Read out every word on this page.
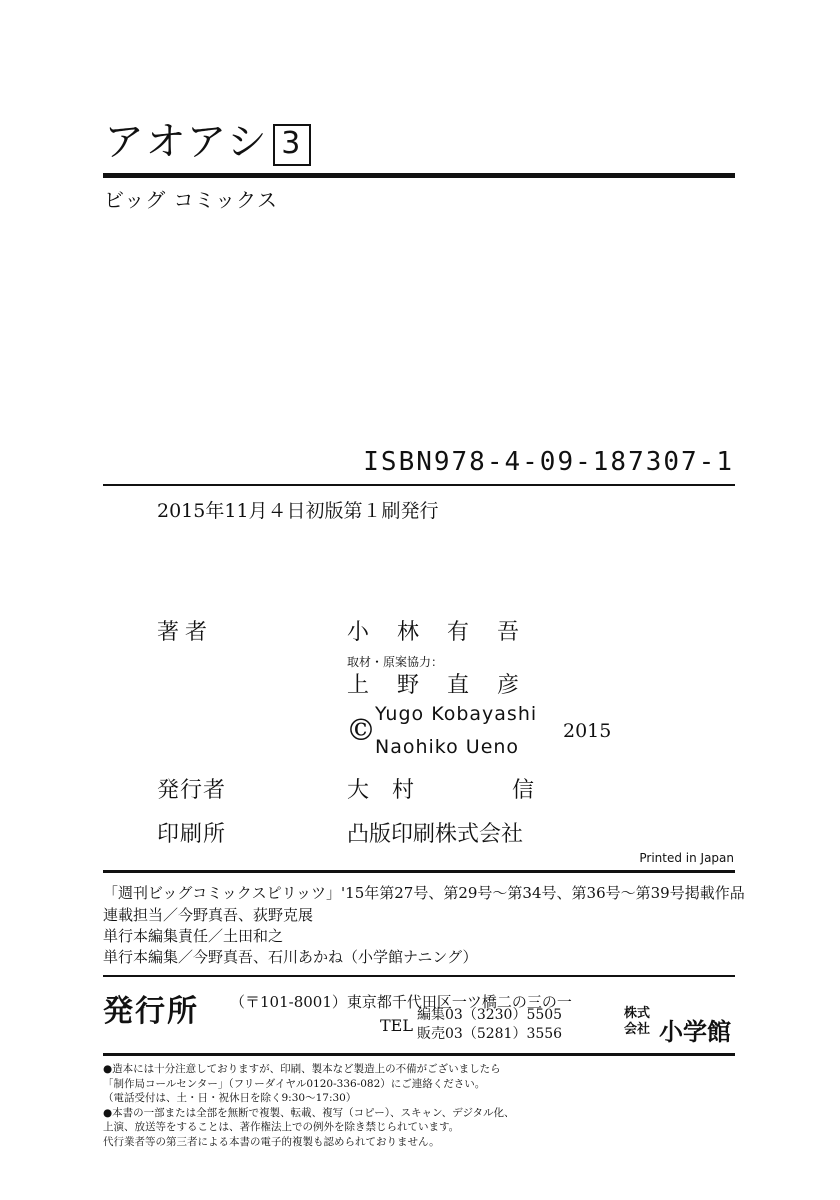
アオアシ 3
ビッグ コミックス
ISBN978-4-09-187307-1
2015年11月４日初版第１刷発行
著者	小林有吾
取材・原案協力：
上野直彦
© Yugo Kobayashi
Naohiko Ueno
2015
発行者	大 村　　　信
印刷所	凸版印刷株式会社
Printed in Japan
「週刊ビッグコミックスピリッツ」'15年第27号、第29号～第34号、第36号～第39号掲載作品
連載担当／今野真吾、荻野克展
単行本編集責任／土田和之
単行本編集／今野真吾、石川あかね（小学館ナニング）
発行所 （〒101-8001）東京都千代田区一ツ橋二の三の一
TEL
編集03（3230）5505
販売03（5281）3556
株式
会社 小学館
●造本には十分注意しておりますが、印刷、製本など製造上の不備がございましたら
「制作局コールセンター」（フリーダイヤル0120-336-082）にご連絡ください。
（電話受付は、土・日・祝休日を除く9:30～17:30）
●本書の一部または全部を無断で複製、転載、複写（コピー）、スキャン、デジタル化、
上演、放送等をすることは、著作権法上での例外を除き禁じられています。
代行業者等の第三者による本書の電子的複製も認められておりません。
